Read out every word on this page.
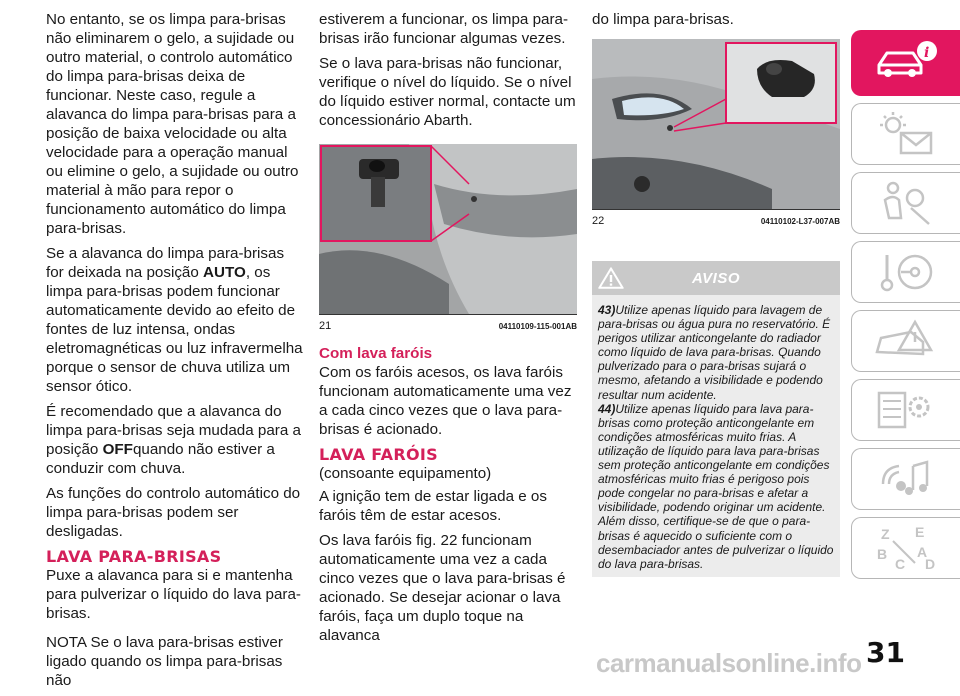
No entanto, se os limpa para-brisas não eliminarem o gelo, a sujidade ou outro material, o controlo automático do limpa para-brisas deixa de funcionar. Neste caso, regule a alavanca do limpa para-brisas para a posição de baixa velocidade ou alta velocidade para a operação manual ou elimine o gelo, a sujidade ou outro material à mão para repor o funcionamento automático do limpa para-brisas.

Se a alavanca do limpa para-brisas for deixada na posição AUTO, os limpa para-brisas podem funcionar automaticamente devido ao efeito de fontes de luz intensa, ondas eletromagnéticas ou luz infravermelha porque o sensor de chuva utiliza um sensor ótico.

É recomendado que a alavanca do limpa para-brisas seja mudada para a posição OFFquando não estiver a conduzir com chuva.

As funções do controlo automático do limpa para-brisas podem ser desligadas.

LAVA PARA-BRISAS

Puxe a alavanca para si e mantenha para pulverizar o líquido do lava para-brisas.

NOTA Se o lava para-brisas estiver ligado quando os limpa para-brisas não

estiverem a funcionar, os limpa para-brisas irão funcionar algumas vezes.

Se o lava para-brisas não funcionar, verifique o nível do líquido. Se o nível do líquido estiver normal, contacte um concessionário Abarth.

21	04110109-115-001AB
Com lava faróis

Com os faróis acesos, os lava faróis funcionam automaticamente uma vez a cada cinco vezes que o lava para-brisas é acionado.

LAVA FARÓIS

(consoante equipamento)

A ignição tem de estar ligada e os faróis têm de estar acesos.

Os lava faróis fig. 22 funcionam automaticamente uma vez a cada cinco vezes que o lava para-brisas é acionado. Se desejar acionar o lava faróis, faça um duplo toque na alavanca

do limpa para-brisas.

22	04110102-L37-007AB
AVISO

43)Utilize apenas líquido para lavagem de para-brisas ou água pura no reservatório. É perigos utilizar anticongelante do radiador como líquido de lava para-brisas. Quando pulverizado para o para-brisas sujará o mesmo, afetando a visibilidade e podendo resultar num acidente.

44)Utilize apenas líquido para lava para-brisas como proteção anticongelante em condições atmosféricas muito frias. A utilização de líquido para lava para-brisas sem proteção anticongelante em condições atmosféricas muito frias é perigoso pois pode congelar no para-brisas e afetar a visibilidade, podendo originar um acidente. Além disso, certifique-se de que o para-brisas é aquecido o suficiente com o desembaciador antes de pulverizar o líquido do lava para-brisas.

i
Z E
B A
C D
carmanualsonline.info 31
